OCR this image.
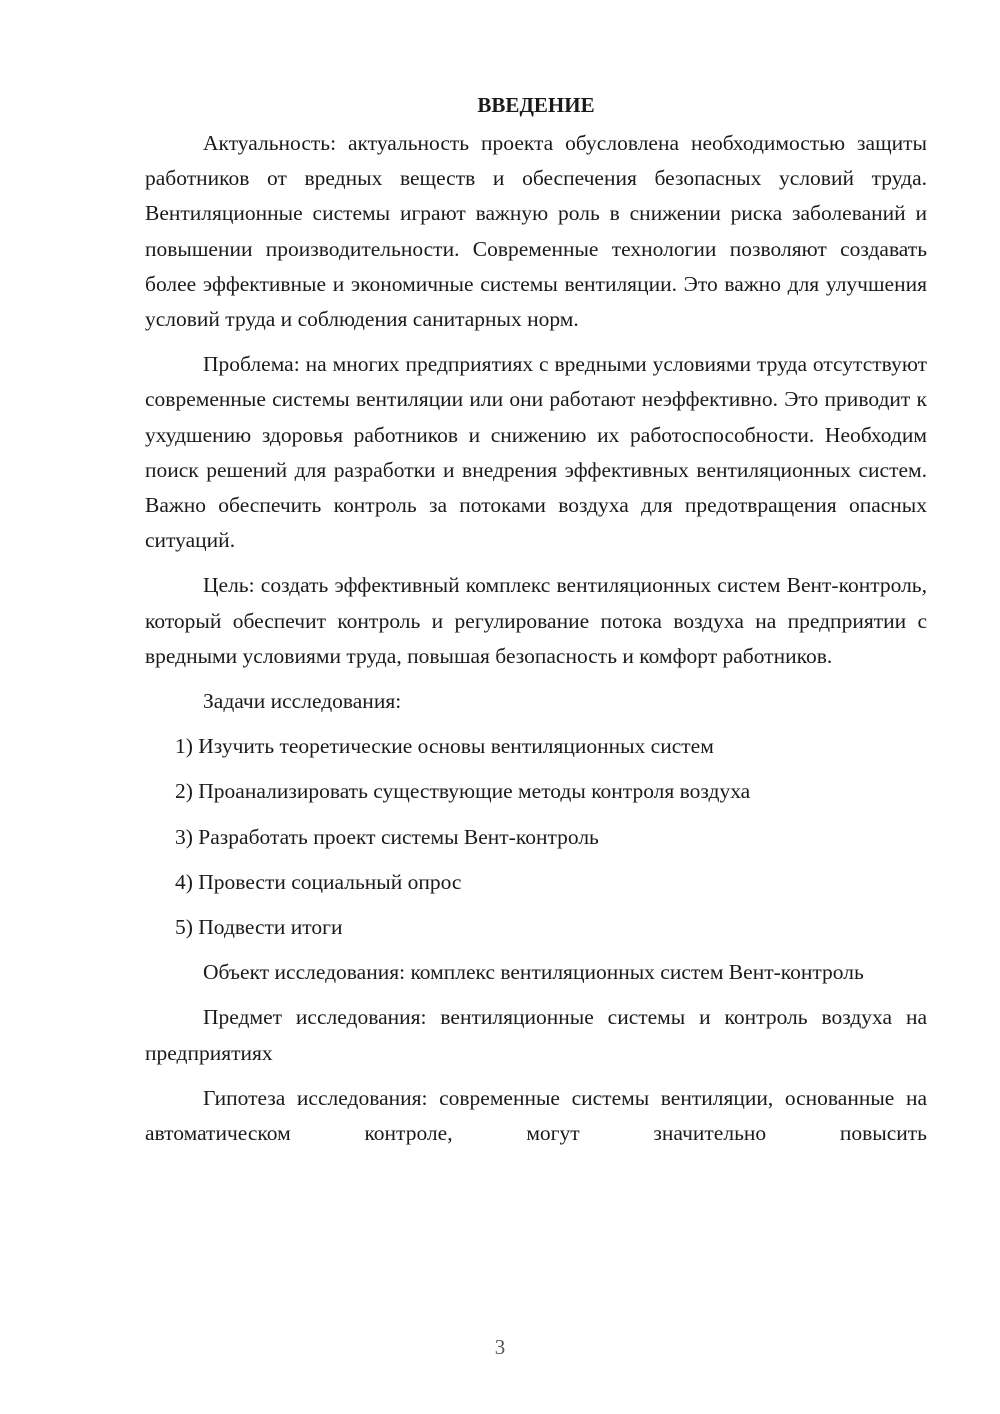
ВВЕДЕНИЕ

Актуальность: актуальность проекта обусловлена необходимостью защиты работников от вредных веществ и обеспечения безопасных условий труда. Вентиляционные системы играют важную роль в снижении риска заболеваний и повышении производительности. Современные технологии позволяют создавать более эффективные и экономичные системы вентиляции. Это важно для улучшения условий труда и соблюдения санитарных норм.

Проблема: на многих предприятиях с вредными условиями труда отсутствуют современные системы вентиляции или они работают неэффективно. Это приводит к ухудшению здоровья работников и снижению их работоспособности. Необходим поиск решений для разработки и внедрения эффективных вентиляционных систем. Важно обеспечить контроль за потоками воздуха для предотвращения опасных ситуаций.

Цель: создать эффективный комплекс вентиляционных систем Вент-контроль, который обеспечит контроль и регулирование потока воздуха на предприятии с вредными условиями труда, повышая безопасность и комфорт работников.

Задачи исследования:

1) Изучить теоретические основы вентиляционных систем
2) Проанализировать существующие методы контроля воздуха
3) Разработать проект системы Вент-контроль
4) Провести социальный опрос
5) Подвести итоги

Объект исследования: комплекс вентиляционных систем Вент-контроль

Предмет исследования: вентиляционные системы и контроль воздуха на предприятиях

Гипотеза исследования: современные системы вентиляции, основанные на автоматическом контроле, могут значительно повысить

3
